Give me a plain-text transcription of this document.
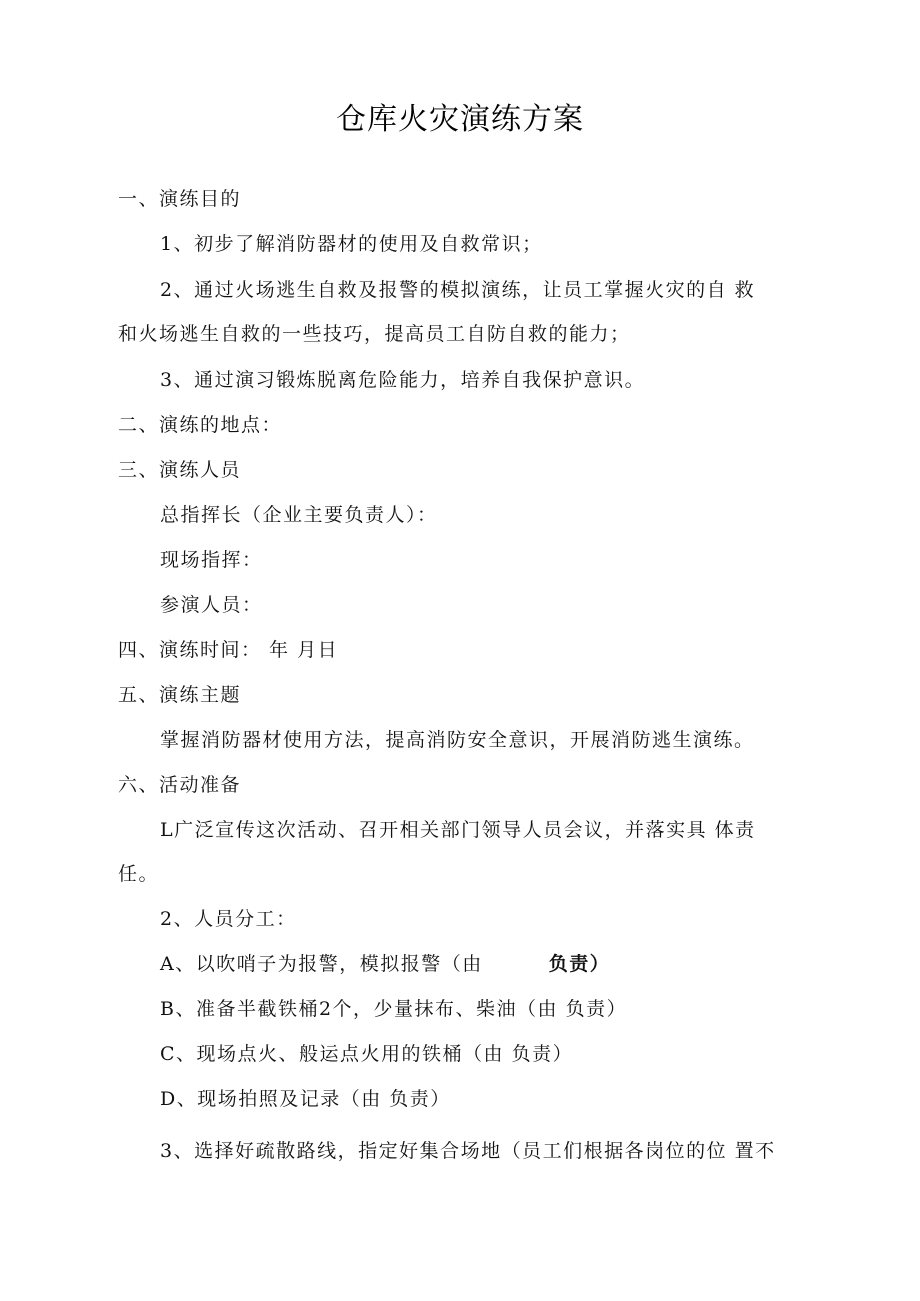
仓库火灾演练方案
一、演练目的
1、初步了解消防器材的使用及自救常识；
2、通过火场逃生自救及报警的模拟演练，让员工掌握火灾的自 救
和火场逃生自救的一些技巧，提高员工自防自救的能力；
3、通过演习锻炼脱离危险能力，培养自我保护意识。
二、演练的地点：
三、演练人员
总指挥长（企业主要负责人）：
现场指挥：
参演人员：
四、演练时间： 年 月日
五、演练主题
掌握消防器材使用方法，提高消防安全意识，开展消防逃生演练。
六、活动准备
L广泛宣传这次活动、召开相关部门领导人员会议，并落实具 体责
任。
2、人员分工：
A、以吹哨子为报警，模拟报警（由	负责）
B、准备半截铁桶2个，少量抹布、柴油（由 负责）
C、现场点火、般运点火用的铁桶（由 负责）
D、现场拍照及记录（由 负责）
3、选择好疏散路线，指定好集合场地（员工们根据各岗位的位 置不
